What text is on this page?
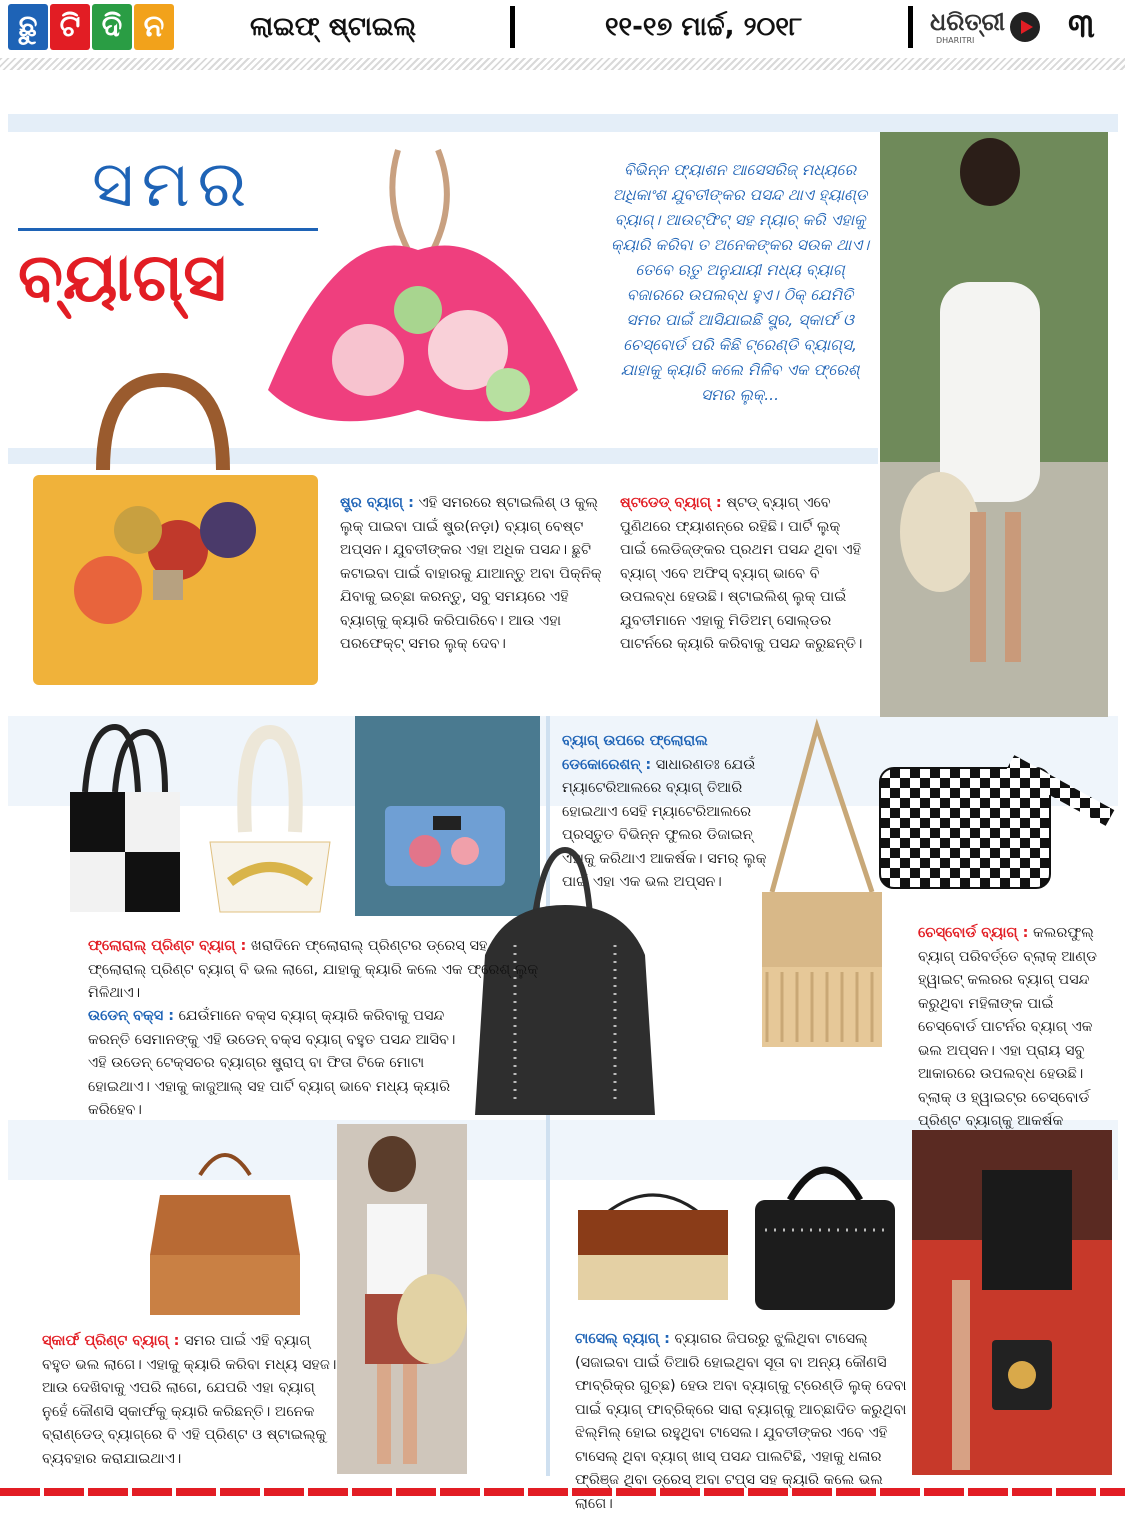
ଛୁ ଟି ଦି ନ	ଲାଇଫ୍ ଷ୍ଟାଇଲ୍	୧୧-୧୭ ମାର୍ଚ୍ଚ, ୨୦୧୮	ଧରିତ୍ରୀ
DHARITRI	୩
ସମର
ବ୍ୟାଗ୍ସ
ବିଭିନ୍ନ ଫ୍ୟାଶନ ଆସେସରିଜ୍ ମଧ୍ୟରେ ଅଧିକାଂଶ ଯୁବତୀଙ୍କର ପସନ୍ଦ ଥାଏ ହ୍ୟାଣ୍ଡ ବ୍ୟାଗ୍। ଆଉଟ୍‌ଫିଟ୍ ସହ ମ୍ୟାଚ୍ କରି ଏହାକୁ କ୍ୟାରି କରିବା ତ ଅନେକଙ୍କର ସଉକ ଥାଏ। ତେବେ ଋତୁ ଅନୁଯାୟୀ ମଧ୍ୟ ବ୍ୟାଗ୍ ବଜାରରେ ଉପଲବ୍ଧ ହୁଏ। ଠିକ୍ ଯେମିତି ସମର ପାଇଁ ଆସିଯାଇଛି ସ୍ଟ୍ର, ସ୍କାର୍ଫ ଓ ଚେସ୍‌ବୋର୍ଡ ପରି କିଛି ଟ୍ରେଣ୍ଡି ବ୍ୟାଗ୍ସ, ଯାହାକୁ କ୍ୟାରି କଲେ ମିଳିବ ଏକ ଫ୍ରେଶ୍ ସମର ଲୁକ୍...
ଷ୍ଟ୍ର ବ୍ୟାଗ୍ : ଏହି ସମରରେ ଷ୍ଟାଇଲିଶ୍ ଓ କୁଲ୍ ଲୁକ୍ ପାଇବା ପାଇଁ ଷ୍ଟ୍ର(ନଡ଼ା) ବ୍ୟାଗ୍ ବେଷ୍ଟ ଅପ୍ସନ। ଯୁବତୀଙ୍କର ଏହା ଅଧିକ ପସନ୍ଦ। ଛୁଟି କଟାଇବା ପାଇଁ ବାହାରକୁ ଯାଆନ୍ତୁ ଅବା ପିକ୍‌ନିକ୍ ଯିବାକୁ ଇଚ୍ଛା କରନ୍ତୁ, ସବୁ ସମୟରେ ଏହି ବ୍ୟାଗ୍‌କୁ କ୍ୟାରି କରିପାରିବେ। ଆଉ ଏହା ପରଫେକ୍ଟ୍ ସମର ଲୁକ୍ ଦେବ।
ଷ୍ଟଡେଡ୍ ବ୍ୟାଗ୍ : ଷ୍ଟଡ୍ ବ୍ୟାଗ୍ ଏବେ ପୁଣିଥରେ ଫ୍ୟାଶନ୍‌ରେ ରହିଛି। ପାର୍ଟି ଲୁକ୍ ପାଇଁ ଲେଡିଜ୍‌ଙ୍କର ପ୍ରଥମ ପସନ୍ଦ ଥିବା ଏହି ବ୍ୟାଗ୍ ଏବେ ଅଫିସ୍ ବ୍ୟାଗ୍ ଭାବେ ବି ଉପଲବ୍ଧ ହେଉଛି। ଷ୍ଟାଇଲିଶ୍ ଲୁକ୍ ପାଇଁ ଯୁବତୀମାନେ ଏହାକୁ ମିଡିଅମ୍ ସୋଲ୍ଡର ପାଟର୍ନରେ କ୍ୟାରି କରିବାକୁ ପସନ୍ଦ କରୁଛନ୍ତି।
ବ୍ୟାଗ୍ ଉପରେ ଫ୍ଲୋରାଲ ଡେକୋରେଶନ୍ : ସାଧାରଣତଃ ଯେଉଁ ମ୍ୟାଟେରିଆଲରେ ବ୍ୟାଗ୍ ତିଆରି ହୋଇଥାଏ ସେହି ମ୍ୟାଟେରିଆଲରେ ପ୍ରସ୍ତୁତ ବିଭିନ୍ନ ଫୁଲର ଡିଜାଇନ୍ ଏହାକୁ କରିଥାଏ ଆକର୍ଷକ। ସମର୍ ଲୁକ୍ ପାଇଁ ଏହା ଏକ ଭଲ ଅପ୍ସନ।
ଫ୍ଲୋରାଲ୍ ପ୍ରିଣ୍ଟ ବ୍ୟାଗ୍ : ଖରାଦିନେ ଫ୍ଲୋରାଲ୍ ପ୍ରିଣ୍ଟର ଡ୍ରେସ୍ ସହ ଫ୍ଲୋରାଲ୍ ପ୍ରିଣ୍ଟ ବ୍ୟାଗ୍ ବି ଭଲ ଲାଗେ, ଯାହାକୁ କ୍ୟାରି କଲେ ଏକ ଫ୍ରେଶ୍ ଲୁକ୍ ମିଳିଥାଏ।
ଉଡେନ୍ ବକ୍ସ : ଯେଉଁମାନେ ବକ୍ସ ବ୍ୟାଗ୍ କ୍ୟାରି କରିବାକୁ ପସନ୍ଦ କରନ୍ତି ସେମାନଙ୍କୁ ଏହି ଉଡେନ୍ ବକ୍ସ ବ୍ୟାଗ୍ ବହୁତ ପସନ୍ଦ ଆସିବ। ଏହି ଉଡେନ୍ ଟେକ୍ସଚର ବ୍ୟାଗ୍‌ର ଷ୍ଟ୍ରାପ୍ ବା ଫିତା ଟିକେ ମୋଟା ହୋଇଥାଏ। ଏହାକୁ କାଜୁଆଲ୍ ସହ ପାର୍ଟି ବ୍ୟାଗ୍ ଭାବେ ମଧ୍ୟ କ୍ୟାରି କରିହେବ।
ଚେସ୍‌ବୋର୍ଡ ବ୍ୟାଗ୍ : କଲରଫୁଲ୍ ବ୍ୟାଗ୍ ପରିବର୍ତ୍ତେ ବ୍ଲାକ୍ ଆଣ୍ଡ ହ୍ୱାଇଟ୍ କଲରର ବ୍ୟାଗ୍ ପସନ୍ଦ କରୁଥିବା ମହିଳାଙ୍କ ପାଇଁ ଚେସ୍‌ବୋର୍ଡ ପାଟର୍ନର ବ୍ୟାଗ୍ ଏକ ଭଲ ଅପ୍ସନ। ଏହା ପ୍ରାୟ ସବୁ ଆକାରରେ ଉପଲବ୍ଧ ହେଉଛି। ବ୍ଲାକ୍ ଓ ହ୍ୱାଇଟ୍ର ଚେସ୍‌ବୋର୍ଡ ପ୍ରିଣ୍ଟ ବ୍ୟାଗ୍‌କୁ ଆକର୍ଷକ
ସ୍କାର୍ଫ ପ୍ରିଣ୍ଟ ବ୍ୟାଗ୍ : ସମର ପାଇଁ ଏହି ବ୍ୟାଗ୍ ବହୁତ ଭଲ ଲାଗେ। ଏହାକୁ କ୍ୟାରି କରିବା ମଧ୍ୟ ସହଜ। ଆଉ ଦେଖିବାକୁ ଏପରି ଲାଗେ, ଯେପରି ଏହା ବ୍ୟାଗ୍ ନୁହେଁ କୌଣସି ସ୍କାର୍ଫକୁ କ୍ୟାରି କରିଛନ୍ତି। ଅନେକ ବ୍ରାଣ୍ଡେଡ୍ ବ୍ୟାଗ୍‌ରେ ବି ଏହି ପ୍ରିଣ୍ଟ ଓ ଷ୍ଟାଇଲ୍‌କୁ ବ୍ୟବହାର କରାଯାଇଥାଏ।
ଟାସେଲ୍ ବ୍ୟାଗ୍ : ବ୍ୟାଗର ଜିପରରୁ ଝୁଲିଥିବା ଟାସେଲ୍ (ସଜାଇବା ପାଇଁ ତିଆରି ହୋଇଥିବା ସୂତା ବା ଅନ୍ୟ କୌଣସି ଫାବ୍ରିକ୍‌ର ଗୁଚ୍ଛ) ହେଉ ଅବା ବ୍ୟାଗ୍‌କୁ ଟ୍ରେଣ୍ଡି ଲୁକ୍ ଦେବା ପାଇଁ ବ୍ୟାଗ୍ ଫାବ୍ରିକ୍‌ରେ ସାରା ବ୍ୟାଗ୍‌କୁ ଆଚ୍ଛାଦିତ କରୁଥିବା ଝିଲ୍‌ମିଲ୍ ହୋଇ ରହୁଥିବା ଟାସେଲ। ଯୁବତୀଙ୍କର ଏବେ ଏହି ଟାସେଲ୍ ଥିବା ବ୍ୟାଗ୍ ଖାସ୍ ପସନ୍ଦ ପାଲଟିଛି, ଏହାକୁ ଧଳାର ଫ୍ରିଞ୍ଜ ଥିବା ଡ୍ରେସ୍ ଅବା ଟପ୍ସ ସହ କ୍ୟାରି କଲେ ଭଲ ଲାଗେ।
